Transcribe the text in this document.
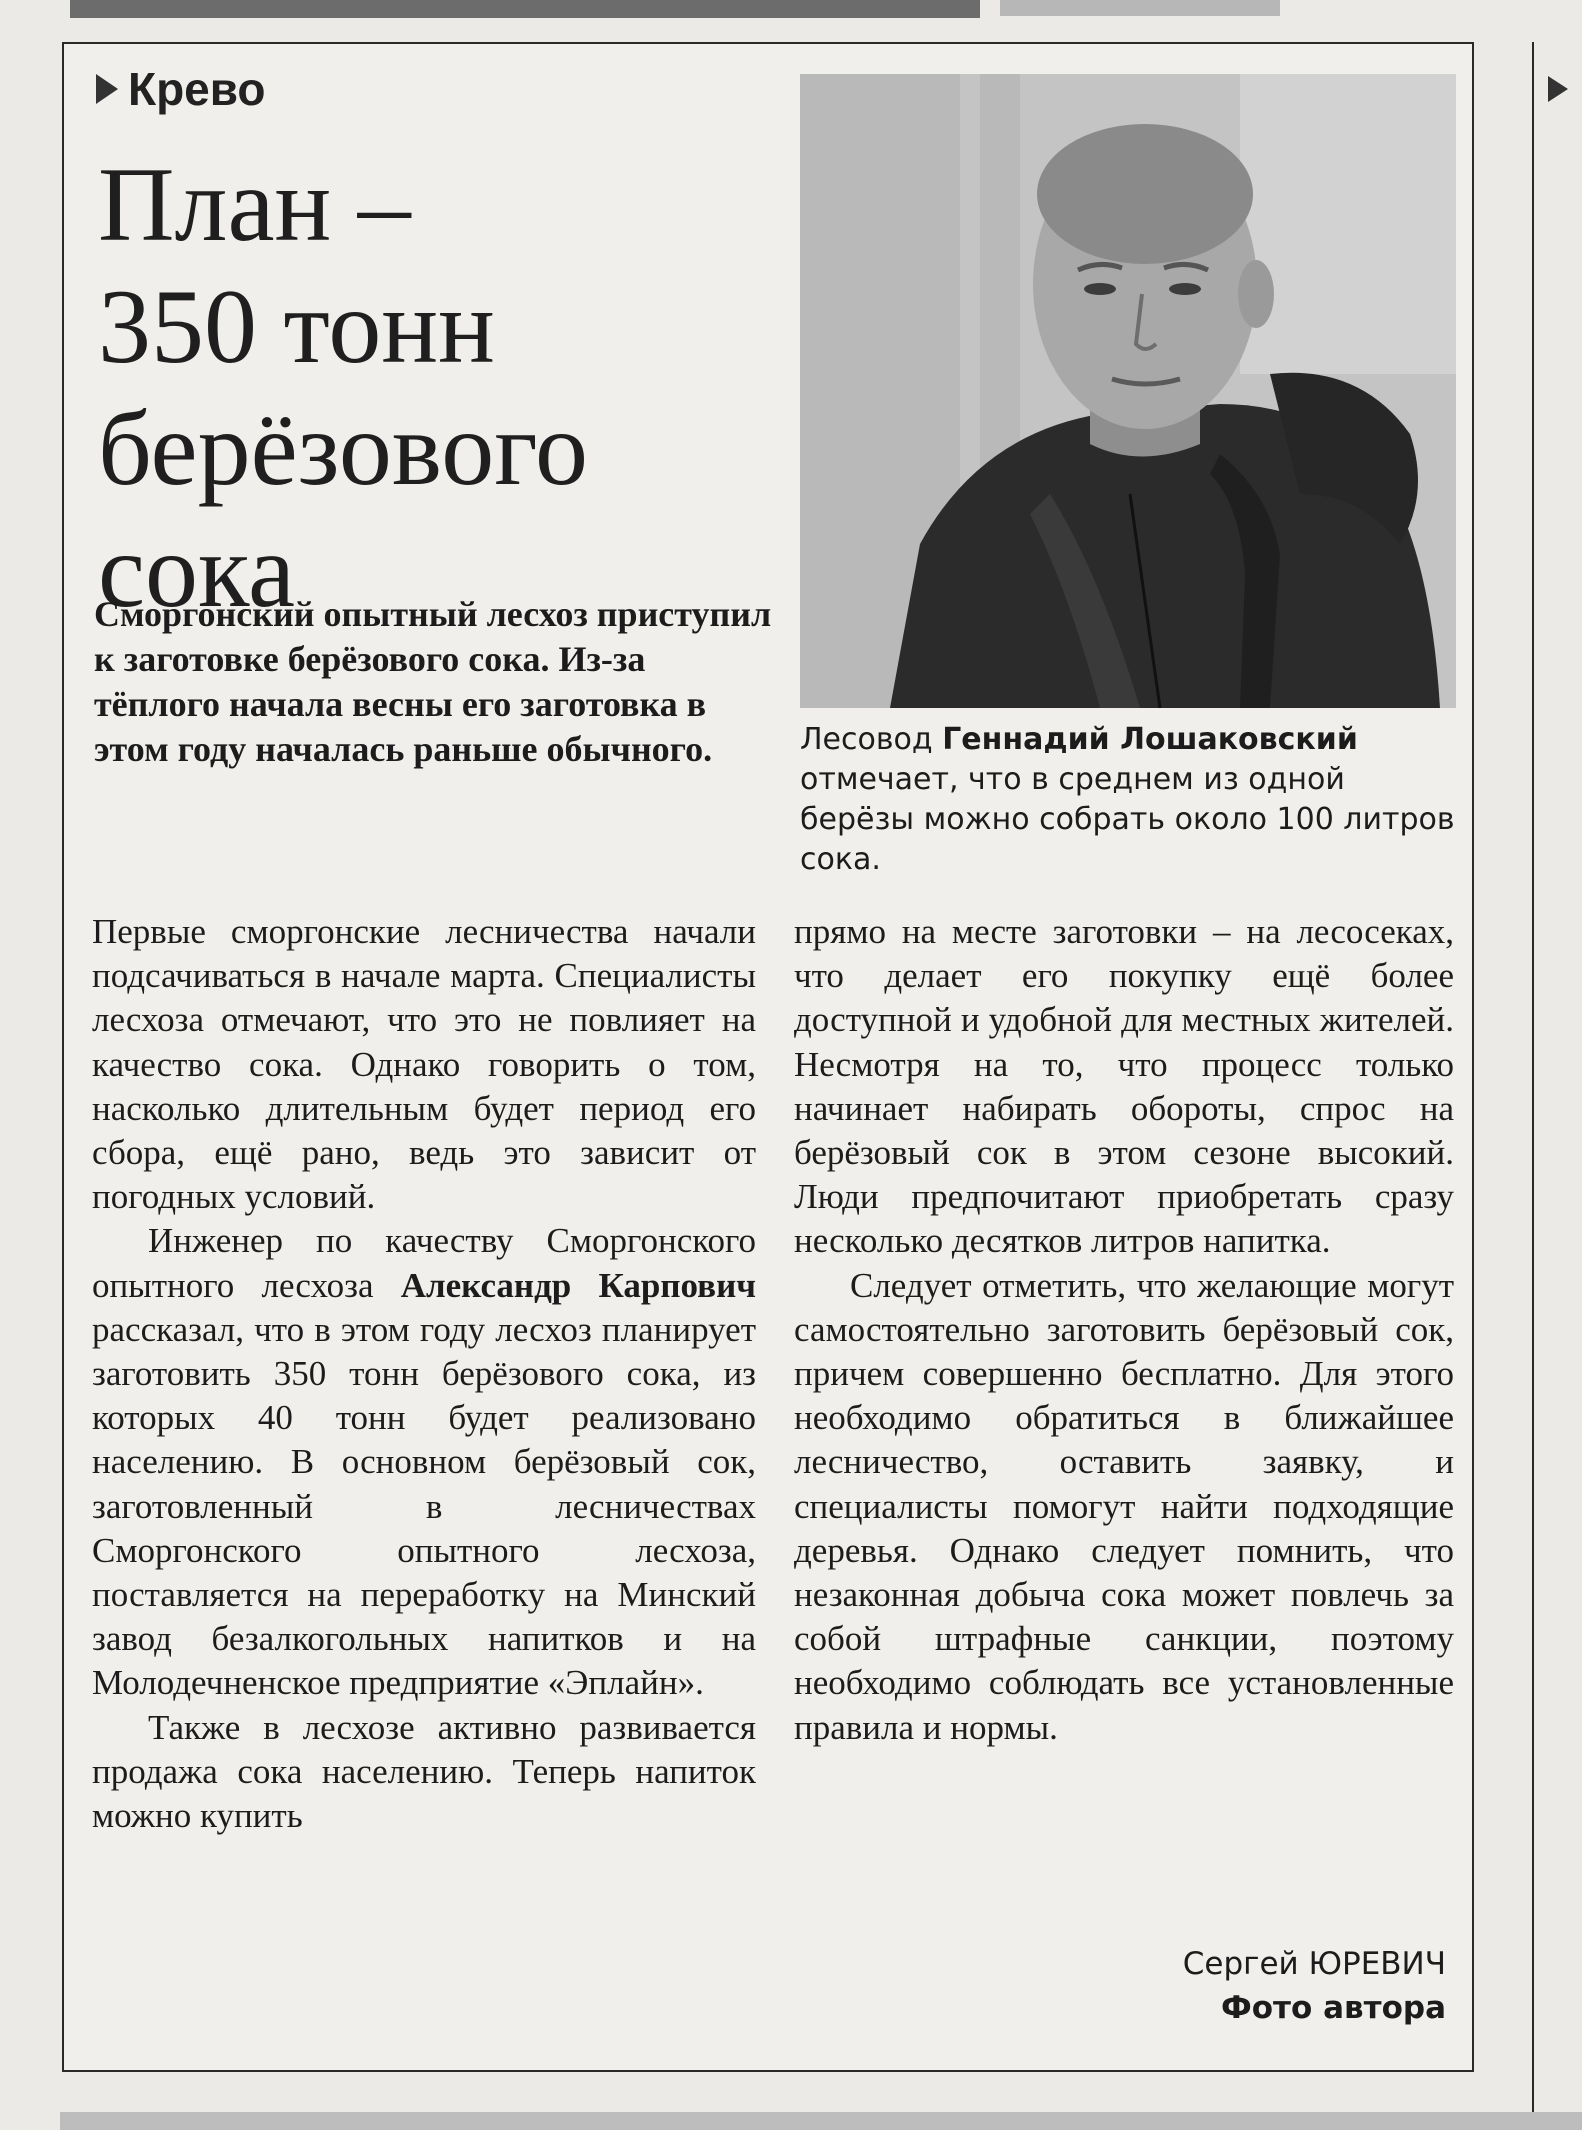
Крево
План –
350 тонн
берёзового
сока

Сморгонский опытный лесхоз приступил к заготовке берёзового сока. Из-за тёплого начала весны его заготовка в этом году началась раньше обычного.	Лесовод Геннадий Лошаковский отмечает, что в среднем из одной берёзы можно собрать около 100 литров сока.

Первые сморгонские лесничества начали подсачиваться в начале марта. Специалисты лесхоза отмечают, что это не повлияет на качество сока. Однако говорить о том, насколько длительным будет период его сбора, ещё рано, ведь это зависит от погодных условий.

Инженер по качеству Сморгонского опытного лесхоза Александр Карпович рассказал, что в этом году лесхоз планирует заготовить 350 тонн берёзового сока, из которых 40 тонн будет реализовано населению. В основном берёзовый сок, заготовленный в лесничествах Сморгонского опытного лесхоза, поставляется на переработку на Минский завод безалкогольных напитков и на Молодечненское предприятие «Эплайн».

Также в лесхозе активно развивается продажа сока населению. Теперь напиток можно купить

прямо на месте заготовки – на лесосеках, что делает его покупку ещё более доступной и удобной для местных жителей. Несмотря на то, что процесс только начинает набирать обороты, спрос на берёзовый сок в этом сезоне высокий. Люди предпочитают приобретать сразу несколько десятков литров напитка.

Следует отметить, что желающие могут самостоятельно заготовить берёзовый сок, причем совершенно бесплатно. Для этого необходимо обратиться в ближайшее лесничество, оставить заявку, и специалисты помогут найти подходящие деревья. Однако следует помнить, что незаконная добыча сока может повлечь за собой штрафные санкции, поэтому необходимо соблюдать все установленные правила и нормы.

Сергей ЮРЕВИЧ
Фото автора
